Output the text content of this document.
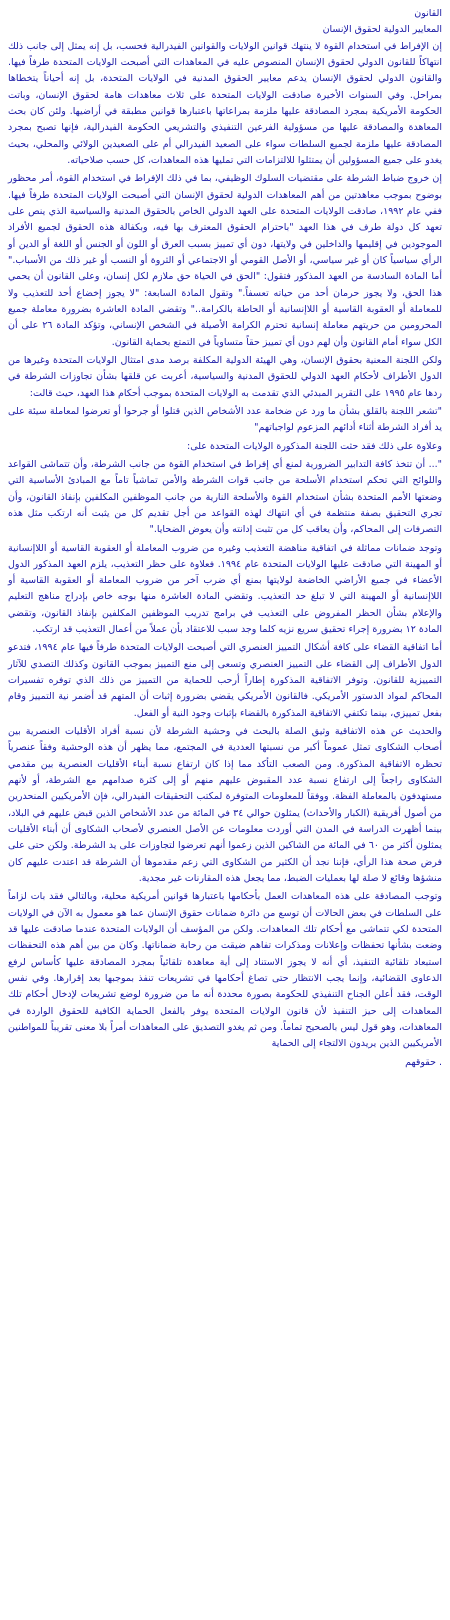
القانون

المعايير الدولية لحقوق الإنسان

إن الإفراط في استخدام القوة لا ينتهك قوانين الولايات والقوانين الفيدرالية فحسب، بل إنه يمثل إلى جانب ذلك انتهاكاً للقانون الدولي لحقوق الإنسان المنصوص عليه في المعاهدات التي أصبحت الولايات المتحدة طرفاً فيها. والقانون الدولي لحقوق الإنسان يدعم معايير الحقوق المدنية في الولايات المتحدة، بل إنه أحياناً يتخطاها بمراحل. وفي السنوات الأخيرة صادقت الولايات المتحدة على ثلاث معاهدات هامة لحقوق الإنسان، وباتت الحكومة الأمريكية بمجرد المصادقة عليها ملزمة بمراعاتها باعتبارها قوانين مطبقة في أراضيها. ولئن كان بحث المعاهدة والمصادقة عليها من مسؤولية الفرعين التنفيذي والتشريعي الحكومة الفيدرالية، فإنها تصبح بمجرد المصادقة عليها ملزمة لجميع السلطات سواء على الصعيد الفيدرالي أم على الصعيدين الولائي والمحلي، بحيث يغدو على جميع المسؤولين أن يمتثلوا للالتزامات التي تمليها هذه المعاهدات، كل حسب صلاحياته.

إن خروج ضباط الشرطة على مقتضيات السلوك الوظيفي، بما في ذلك الإفراط في استخدام القوة، أمر محظور بوضوح بموجب معاهدتين من أهم المعاهدات الدولية لحقوق الإنسان التي أصبحت الولايات المتحدة طرفاً فيها. ففي عام ١٩٩٢، صادقت الولايات المتحدة على العهد الدولي الخاص بالحقوق المدنية والسياسية الذي ينص على تعهد كل دولة طرف في هذا العهد "باحترام الحقوق المعترف بها فيه، وبكفالة هذه الحقوق لجميع الأفراد الموجودين في إقليمها والداخلين في ولايتها، دون أي تمييز بسبب العرق أو اللون أو الجنس أو اللغة أو الدين أو الرأي سياسياً كان أو غير سياسي، أو الأصل القومي أو الاجتماعي أو الثروة أو النسب أو غير ذلك من الأسباب." أما المادة السادسة من العهد المذكور فتقول: "الحق في الحياة حق ملازم لكل إنسان، وعلى القانون أن يحمي هذا الحق، ولا يجوز حرمان أحد من حياته تعسفاً." وتقول المادة السابعة: "لا يجوز إخضاع أحد للتعذيب ولا للمعاملة أو العقوبة القاسية أو اللاإنسانية أو الحاطة بالكرامة.." وتقضي المادة العاشرة بضرورة معاملة جميع المحرومين من حريتهم معاملة إنسانية تحترم الكرامة الأصيلة في الشخص الإنساني، وتؤكد المادة ٢٦ على أن الكل سواء أمام القانون وأن لهم دون أي تمييز حقاً متساوياً في التمتع بحماية القانون.

ولكن اللجنة المعنية بحقوق الإنسان، وهي الهيئة الدولية المكلفة برصد مدى امتثال الولايات المتحدة وغيرها من الدول الأطراف لأحكام العهد الدولي للحقوق المدنية والسياسية، أعربت عن قلقها بشأن تجاوزات الشرطة في ردها عام ١٩٩٥ على التقرير المبدئي الذي تقدمت به الولايات المتحدة بموجب أحكام هذا العهد، حيث قالت:

"تشعر اللجنة بالقلق بشأن ما ورد عن ضخامة عدد الأشخاص الذين قتلوا أو جرحوا أو تعرضوا لمعاملة سيئة على يد أفراد الشرطة أثناء أدائهم المزعوم لواجباتهم"

وعلاوة على ذلك فقد حثت اللجنة المذكورة الولايات المتحدة على:

"... أن تتخذ كافة التدابير الضرورية لمنع أي إفراط في استخدام القوة من جانب الشرطة، وأن تتماشى القواعد واللوائح التي تحكم استخدام الأسلحة من جانب قوات الشرطة والأمن تماشياً تاماً مع المبادئ الأساسية التي وضعتها الأمم المتحدة بشأن استخدام القوة والأسلحة النارية من جانب الموظفين المكلفين بإنفاذ القانون، وأن تجري التحقيق بصفة منتظمة في أي انتهاك لهذه القواعد من أجل تقديم كل من يثبت أنه ارتكب مثل هذه التصرفات إلى المحاكم، وأن يعاقب كل من تثبت إدانته وأن يعوض الضحايا."

وتوجد ضمانات مماثلة في اتفاقية مناهضة التعذيب وغيره من ضروب المعاملة أو العقوبة القاسية أو اللاإنسانية أو المهينة التي صادقت عليها الولايات المتحدة عام ١٩٩٤. فعلاوة على حظر التعذيب، يلزم العهد المذكور الدول الأعضاء في جميع الأراضي الخاضعة لولايتها بمنع أي ضرب آخر من ضروب المعاملة أو العقوبة القاسية أو اللاإنسانية أو المهينة التي لا تبلغ حد التعذيب. وتقضي المادة العاشرة منها بوجه خاص بإدراج مناهج التعليم والإعلام بشأن الحظر المفروض على التعذيب في برامج تدريب الموظفين المكلفين بإنفاذ القانون، وتقضي المادة ١٢ بضرورة إجراء تحقيق سريع نزيه كلما وجد سبب للاعتقاد بأن عملاً من أعمال التعذيب قد ارتكب.

أما اتفاقية القضاء على كافة أشكال التمييز العنصري التي أصبحت الولايات المتحدة طرفاً فيها عام ١٩٩٤، فتدعو الدول الأطراف إلى القضاء على التمييز العنصري وتسعى إلى منع التمييز بموجب القانون وكذلك التصدي للآثار التمييزية للقانون. وتوفر الاتفاقية المذكورة إطاراً أرحب للحماية من التمييز من ذلك الذي توفره تفسيرات المحاكم لمواد الدستور الأمريكي. فالقانون الأمريكي يقضي بضرورة إثبات أن المتهم قد أضمر نية التمييز وقام بفعل تمييزي، بينما تكتفي الاتفاقية المذكورة بالقضاء بإثبات وجود النية أو الفعل.

والحديث عن هذه الاتفاقية وثيق الصلة بالبحث في وحشية الشرطة لأن نسبة أفراد الأقليات العنصرية بين أصحاب الشكاوى تمثل عموماً أكبر من نسبتها العددية في المجتمع، مما يظهر أن هذه الوحشية وفقاً عنصرياً تحظره الاتفاقية المذكورة. ومن الصعب التأكد مما إذا كان ارتفاع نسبة أبناء الأقليات العنصرية بين مقدمي الشكاوى راجعاً إلى ارتفاع نسبة عدد المقبوض عليهم منهم أو إلى كثرة صدامهم مع الشرطة، أو لأنهم مستهدفون بالمعاملة الفظة. ووفقاً للمعلومات المتوفرة لمكتب التحقيقات الفيدرالي، فإن الأمريكيين المنحدرين من أصول أفريقية (الكبار والأحداث) يمثلون حوالي ٣٤ في المائة من عدد الأشخاص الذين قبض عليهم في البلاد، بينما أظهرت الدراسة في المدن التي أوردت معلومات عن الأصل العنصري لأصحاب الشكاوى أن أبناء الأقليات يمثلون أكثر من ٦٠ في المائة من الشاكين الذين زعموا أنهم تعرضوا لتجاوزات على يد الشرطة. ولكن حتى على فرض صحة هذا الرأي، فإننا نجد أن الكثير من الشكاوى التي زعم مقدموها أن الشرطة قد اعتدت عليهم كان منشؤها وقائع لا صلة لها بعمليات الضبط، مما يجعل هذه المقارنات غير مجدية.

وتوجب المصادقة على هذه المعاهدات العمل بأحكامها باعتبارها قوانين أمريكية محلية، وبالتالي فقد بات لزاماً على السلطات في بعض الحالات أن توسع من دائرة ضمانات حقوق الإنسان عما هو معمول به الآن في الولايات المتحدة لكي تتماشى مع أحكام تلك المعاهدات. ولكن من المؤسف أن الولايات المتحدة عندما صادقت عليها قد وضعت بشأنها تحفظات وإعلانات ومذكرات تفاهم ضيقت من رحابة ضماناتها. وكان من بين أهم هذه التحفظات استبعاد تلقائية التنفيذ، أي أنه لا يجوز الاستناد إلى أية معاهدة تلقائياً بمجرد المصادقة عليها كأساس لرفع الدعاوى القضائية، وإنما يجب الانتظار حتى تصاغ أحكامها في تشريعات تنفذ بموجبها بعد إقرارها. وفي نفس الوقت، فقد أعلن الجناح التنفيذي للحكومة بصورة محددة أنه ما من ضرورة لوضع تشريعات لإدخال أحكام تلك المعاهدات إلى حيز التنفيذ لأن قانون الولايات المتحدة يوفر بالفعل الحماية الكافية للحقوق الواردة في المعاهدات، وهو قول ليس بالصحيح تماماً. ومن ثم يغدو التصديق على المعاهدات أمراً بلا معنى تقريباً للمواطنين الأمريكيين الذين يريدون الالتجاء إلى الحماية

. حقوقهم
